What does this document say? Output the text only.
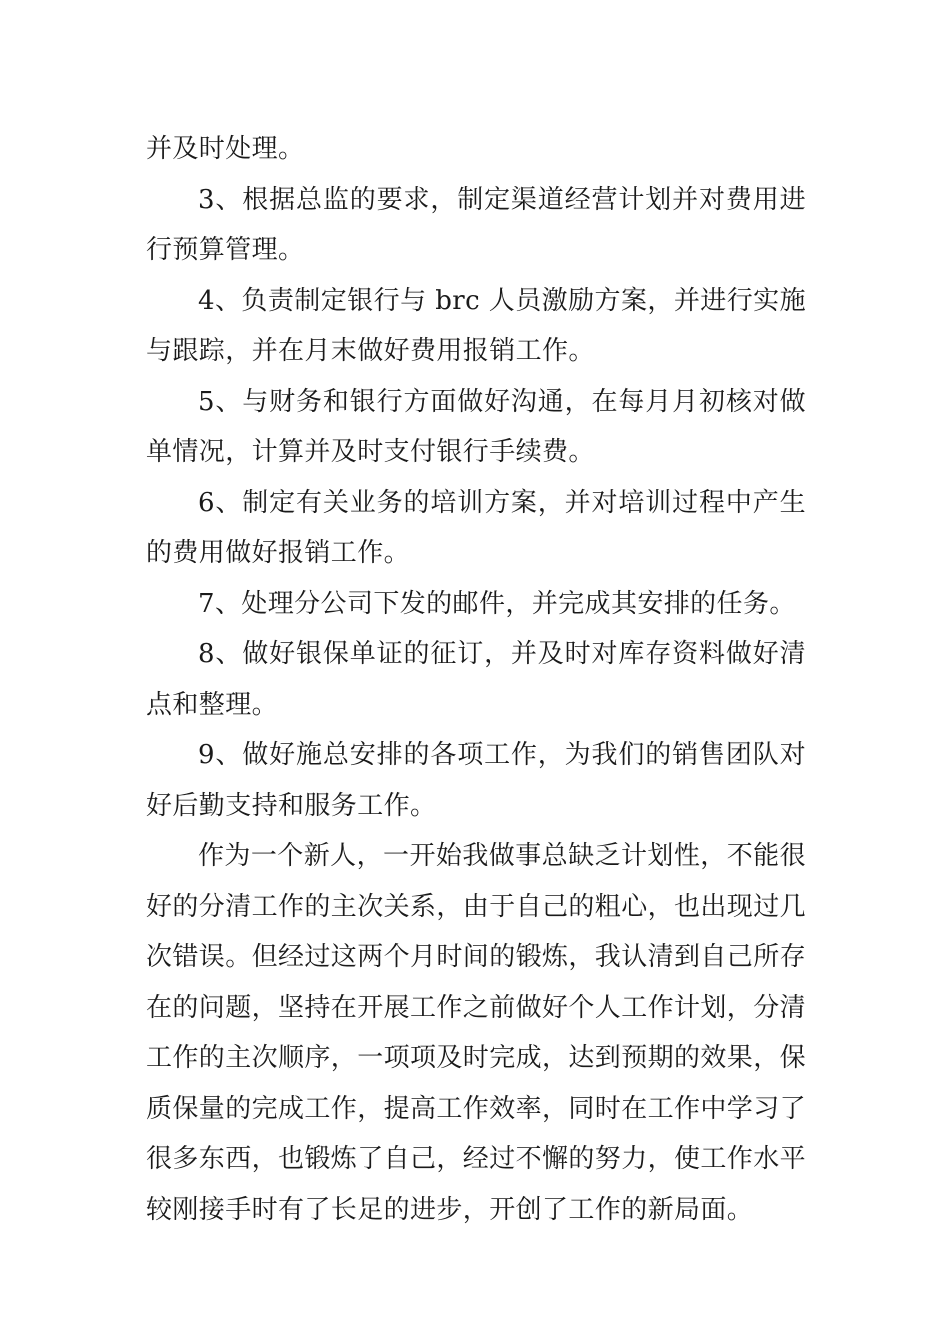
并及时处理。

3、根据总监的要求，制定渠道经营计划并对费用进行预算管理。

4、负责制定银行与 brc 人员激励方案，并进行实施与跟踪，并在月末做好费用报销工作。

5、与财务和银行方面做好沟通，在每月月初核对做单情况，计算并及时支付银行手续费。

6、制定有关业务的培训方案，并对培训过程中产生的费用做好报销工作。

7、处理分公司下发的邮件，并完成其安排的任务。

8、做好银保单证的征订，并及时对库存资料做好清点和整理。

9、做好施总安排的各项工作，为我们的销售团队对好后勤支持和服务工作。

作为一个新人，一开始我做事总缺乏计划性，不能很好的分清工作的主次关系，由于自己的粗心，也出现过几次错误。但经过这两个月时间的锻炼，我认清到自己所存在的问题，坚持在开展工作之前做好个人工作计划，分清工作的主次顺序，一项项及时完成，达到预期的效果，保质保量的完成工作，提高工作效率，同时在工作中学习了很多东西，也锻炼了自己，经过不懈的努力，使工作水平较刚接手时有了长足的进步，开创了工作的新局面。
